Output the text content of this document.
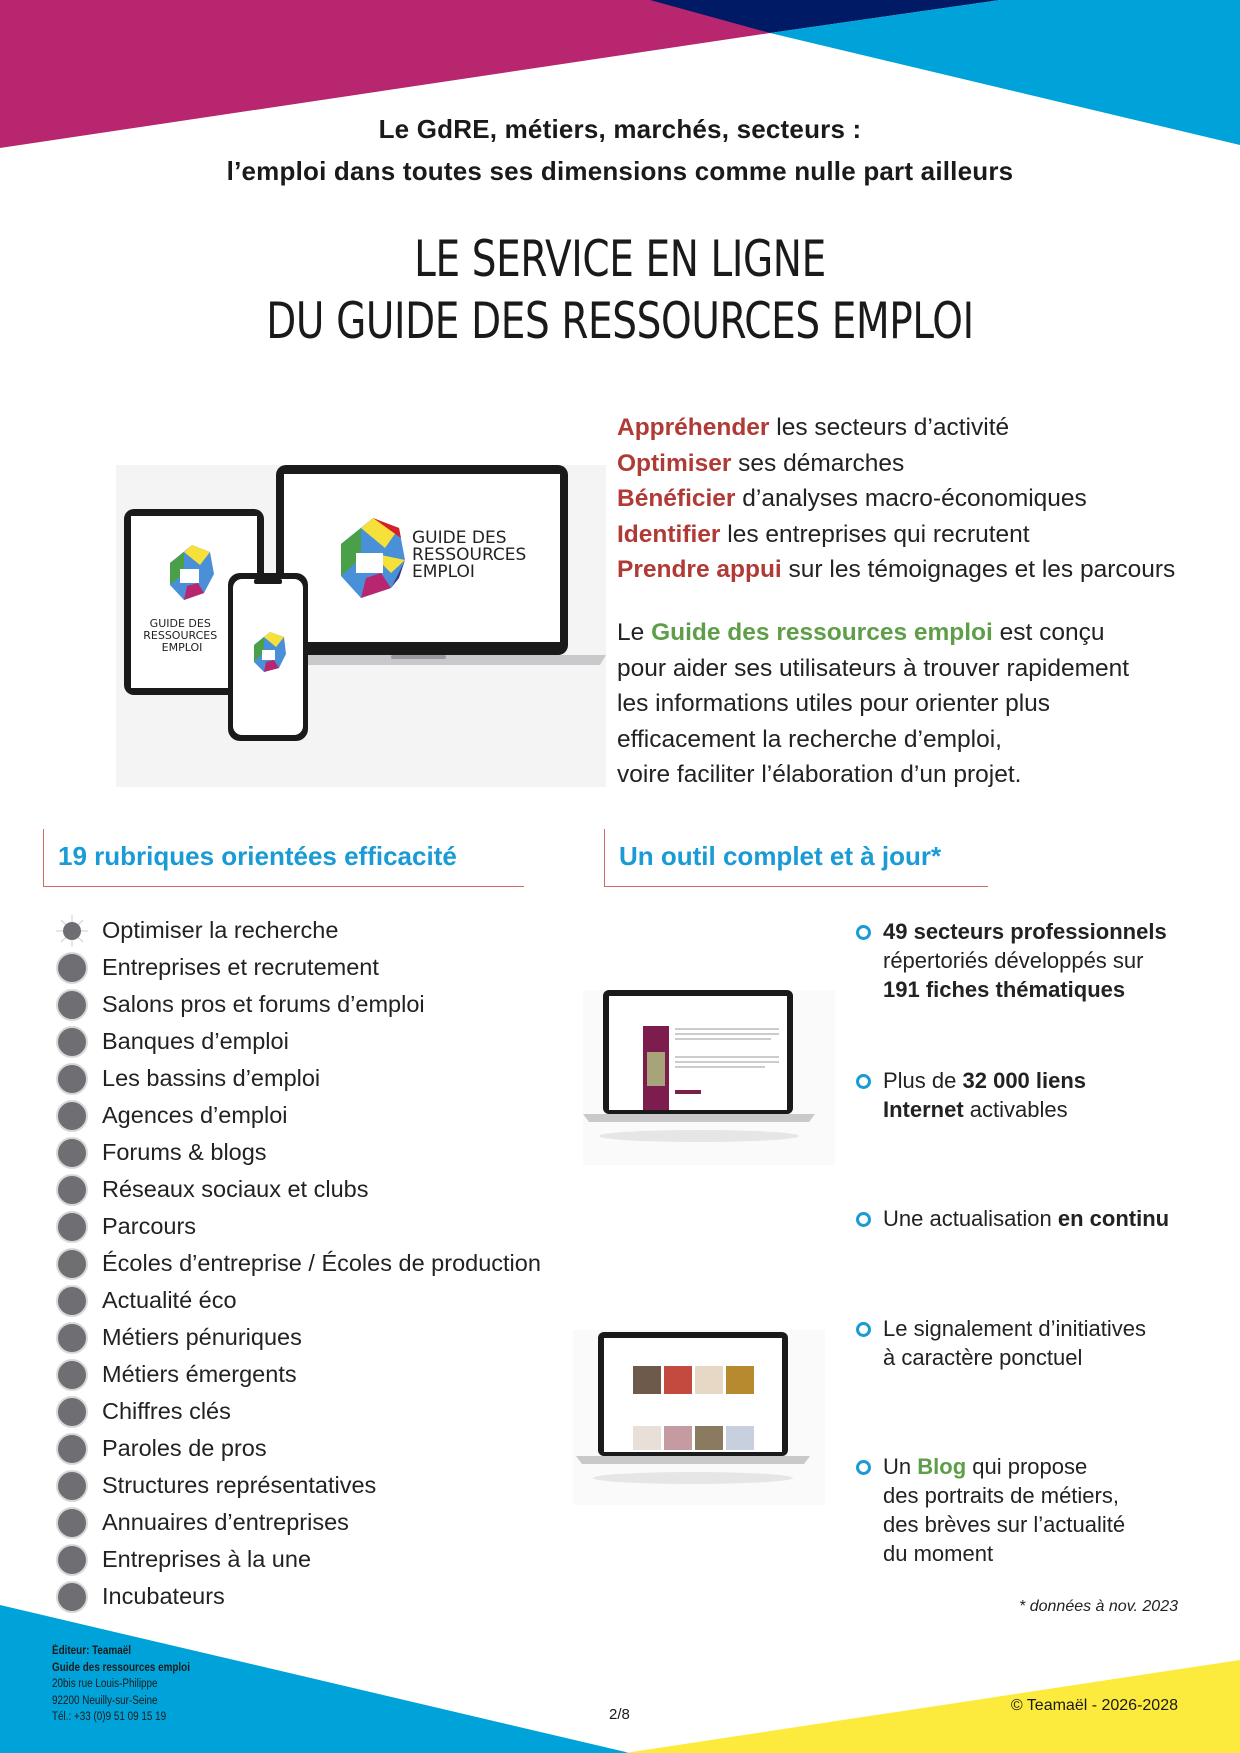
Le GdRE, métiers, marchés, secteurs :
l’emploi dans toutes ses dimensions comme nulle part ailleurs
LE SERVICE EN LIGNE
DU GUIDE DES RESSOURCES EMPLOI
GUIDE DES RESSOURCES EMPLOI
GUIDE DES RESSOURCES EMPLOI
Appréhender les secteurs d’activité
Optimiser ses démarches
Bénéficier d’analyses macro-économiques
Identifier les entreprises qui recrutent
Prendre appui sur les témoignages et les parcours
Le Guide des ressources emploi est conçu
pour aider ses utilisateurs à trouver rapidement
les informations utiles pour orienter plus
efficacement la recherche d’emploi,
voire faciliter l’élaboration d’un projet.
19 rubriques orientées efficacité	Un outil complet et à jour*
Optimiser la recherche
Entreprises et recrutement
Salons pros et forums d’emploi
Banques d’emploi
Les bassins d’emploi
Agences d’emploi
Forums & blogs
Réseaux sociaux et clubs
Parcours
Écoles d’entreprise / Écoles de production
Actualité éco
Métiers pénuriques
Métiers émergents
Chiffres clés
Paroles de pros
Structures représentatives
Annuaires d’entreprises
Entreprises à la une
Incubateurs
49 secteurs professionnels
répertoriés développés sur
191 fiches thématiques
Plus de 32 000 liens
Internet activables
Une actualisation en continu
Le signalement d’initiatives
à caractère ponctuel
Un Blog qui propose
des portraits de métiers,
des brèves sur l’actualité
du moment
* données à nov. 2023
Éditeur: Teamaël
Guide des ressources emploi
20bis rue Louis-Philippe
92200 Neuilly-sur-Seine
Tél.: +33 (0)9 51 09 15 19	2/8
© Teamaël - 2026-2028
